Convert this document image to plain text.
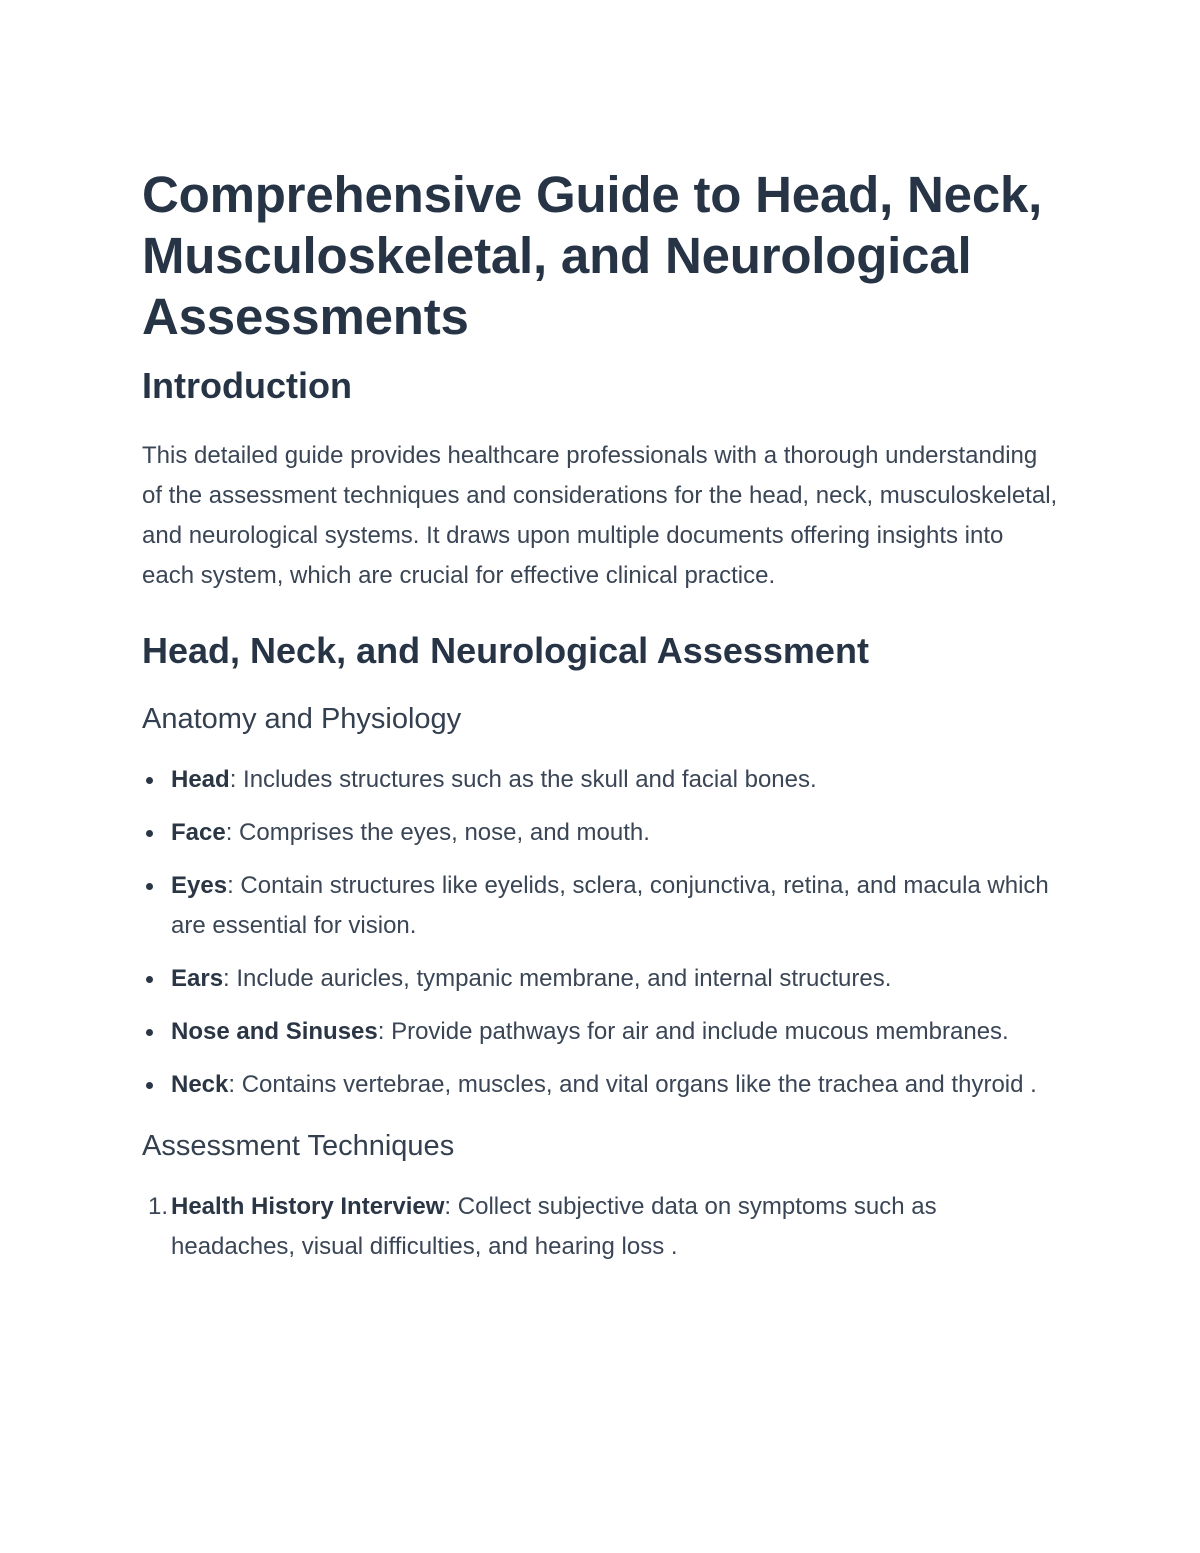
Comprehensive Guide to Head, Neck, Musculoskeletal, and Neurological Assessments
Introduction

This detailed guide provides healthcare professionals with a thorough understanding of the assessment techniques and considerations for the head, neck, musculoskeletal, and neurological systems. It draws upon multiple documents offering insights into each system, which are crucial for effective clinical practice.

Head, Neck, and Neurological Assessment
Anatomy and Physiology
Head: Includes structures such as the skull and facial bones.
Face: Comprises the eyes, nose, and mouth.
Eyes: Contain structures like eyelids, sclera, conjunctiva, retina, and macula which are essential for vision.
Ears: Include auricles, tympanic membrane, and internal structures.
Nose and Sinuses: Provide pathways for air and include mucous membranes.
Neck: Contains vertebrae, muscles, and vital organs like the trachea and thyroid .
Assessment Techniques
1. Health History Interview: Collect subjective data on symptoms such as headaches, visual difficulties, and hearing loss .
